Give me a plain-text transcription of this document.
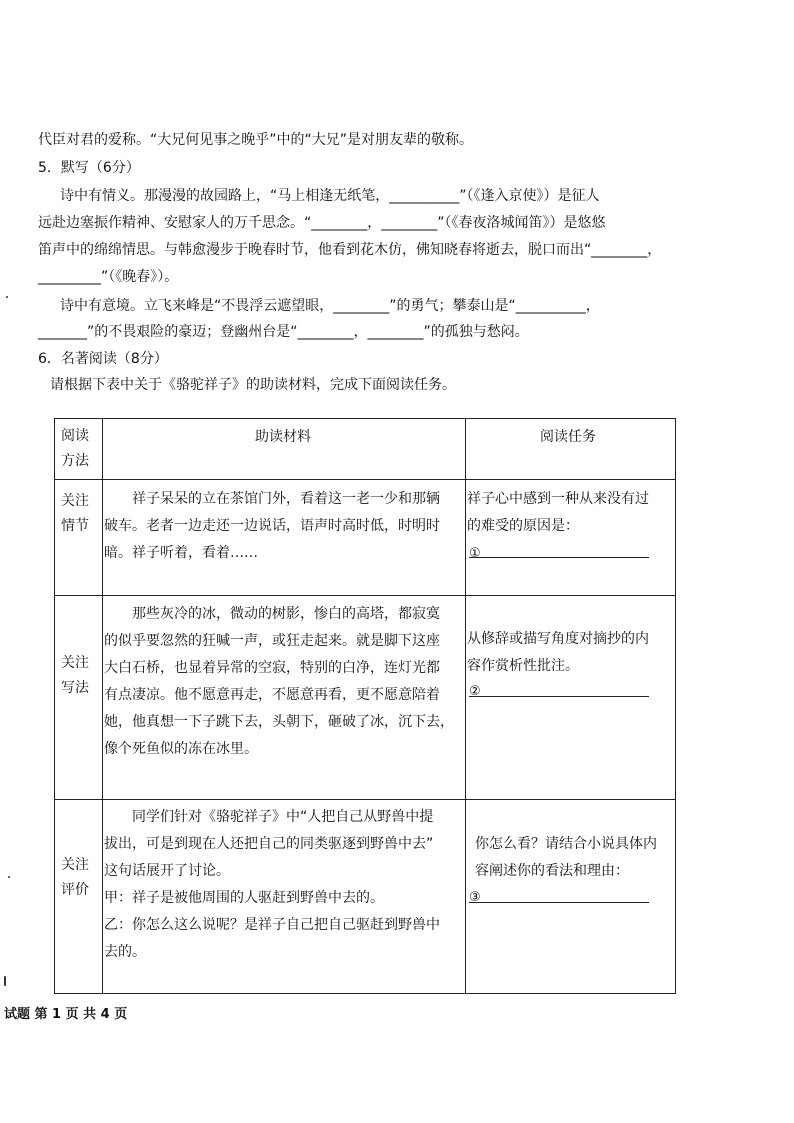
代臣对君的爱称。“大兄何见事之晚乎”中的“大兄”是对朋友辈的敬称。
5．默写（6分）
诗中有情义。那漫漫的故园路上，“马上相逢无纸笔，__________”（《逢入京使》）是征人
远赴边塞振作精神、安慰家人的万千思念。“________，________”（《春夜洛城闻笛》）是悠悠
笛声中的绵绵情思。与韩愈漫步于晚春时节，他看到花木仿，佛知晓春将逝去，脱口而出“________，
_________”（《晚春》）。
诗中有意境。立飞来峰是“不畏浮云遮望眼，________”的勇气；攀泰山是“__________，
_______”的不畏艰险的豪迈；登幽州台是“________，________”的孤独与愁闷。
6．名著阅读（8分）
请根据下表中关于《骆驼祥子》的助读材料，完成下面阅读任务。
阅读
方法
助读材料	阅读任务
关注
情节
　　祥子呆呆的立在茶馆门外，看着这一老一少和那辆
破车。老者一边走还一边说话，语声时高时低，时明时
暗。祥子听着，看着……
祥子心中感到一种从来没有过
的难受的原因是：
①
关注
写法
　　那些灰冷的冰，微动的树影，惨白的高塔，都寂寞
的似乎要忽然的狂喊一声，或狂走起来。就是脚下这座
大白石桥，也显着异常的空寂，特别的白净，连灯光都
有点凄凉。他不愿意再走，不愿意再看，更不愿意陪着
她，他真想一下子跳下去，头朝下，砸破了冰，沉下去，
像个死鱼似的冻在冰里。
从修辞或描写角度对摘抄的内
容作赏析性批注。
②
关注
评价
　　同学们针对《骆驼祥子》中“人把自己从野兽中提
拔出，可是到现在人还把自己的同类驱逐到野兽中去”
这句话展开了讨论。
甲：祥子是被他周围的人驱赶到野兽中去的。
乙：你怎么这么说呢？是祥子自己把自己驱赶到野兽中
去的。
你怎么看？请结合小说具体内
容阐述你的看法和理由：
③
试题 第 1 页 共 4 页
